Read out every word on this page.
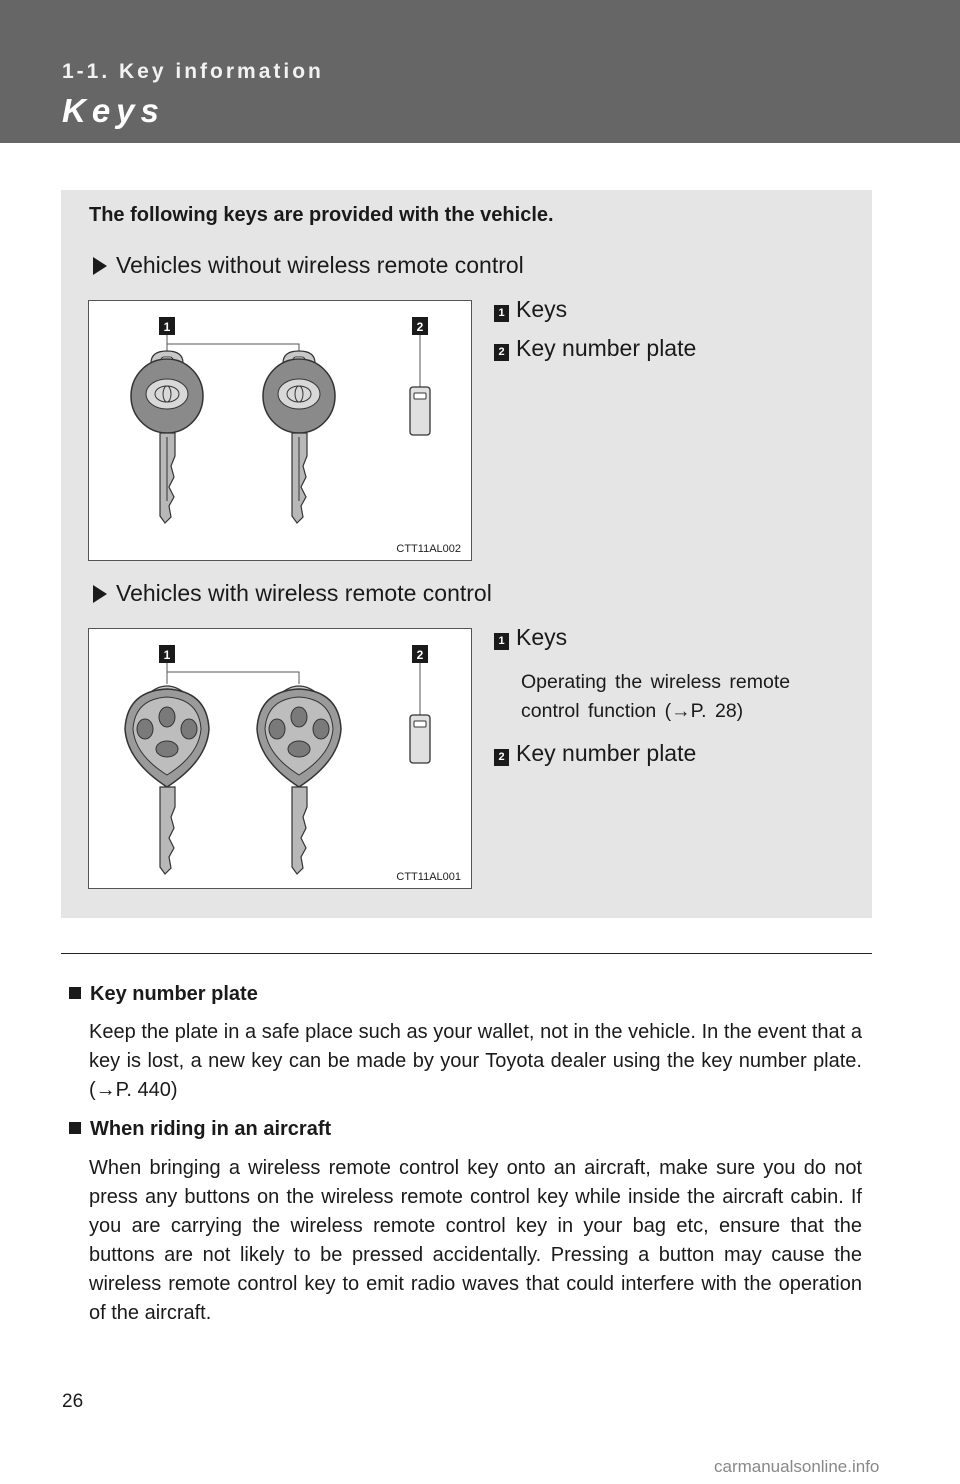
1-1. Key information
Keys
The following keys are provided with the vehicle.
Vehicles without wireless remote control
1	2
CTT11AL002
1 Keys
2 Key number plate
Vehicles with wireless remote control
1	2
CTT11AL001
1 Keys
Operating the wireless remote control function (→P. 28)
2 Key number plate
Key number plate
Keep the plate in a safe place such as your wallet, not in the vehicle. In the event that a key is lost, a new key can be made by your Toyota dealer using the key number plate. (→P. 440)
When riding in an aircraft
When bringing a wireless remote control key onto an aircraft, make sure you do not press any buttons on the wireless remote control key while inside the aircraft cabin. If you are carrying the wireless remote control key in your bag etc, ensure that the buttons are not likely to be pressed accidentally. Pressing a button may cause the wireless remote control key to emit radio waves that could interfere with the operation of the aircraft.
26
carmanualsonline.info
